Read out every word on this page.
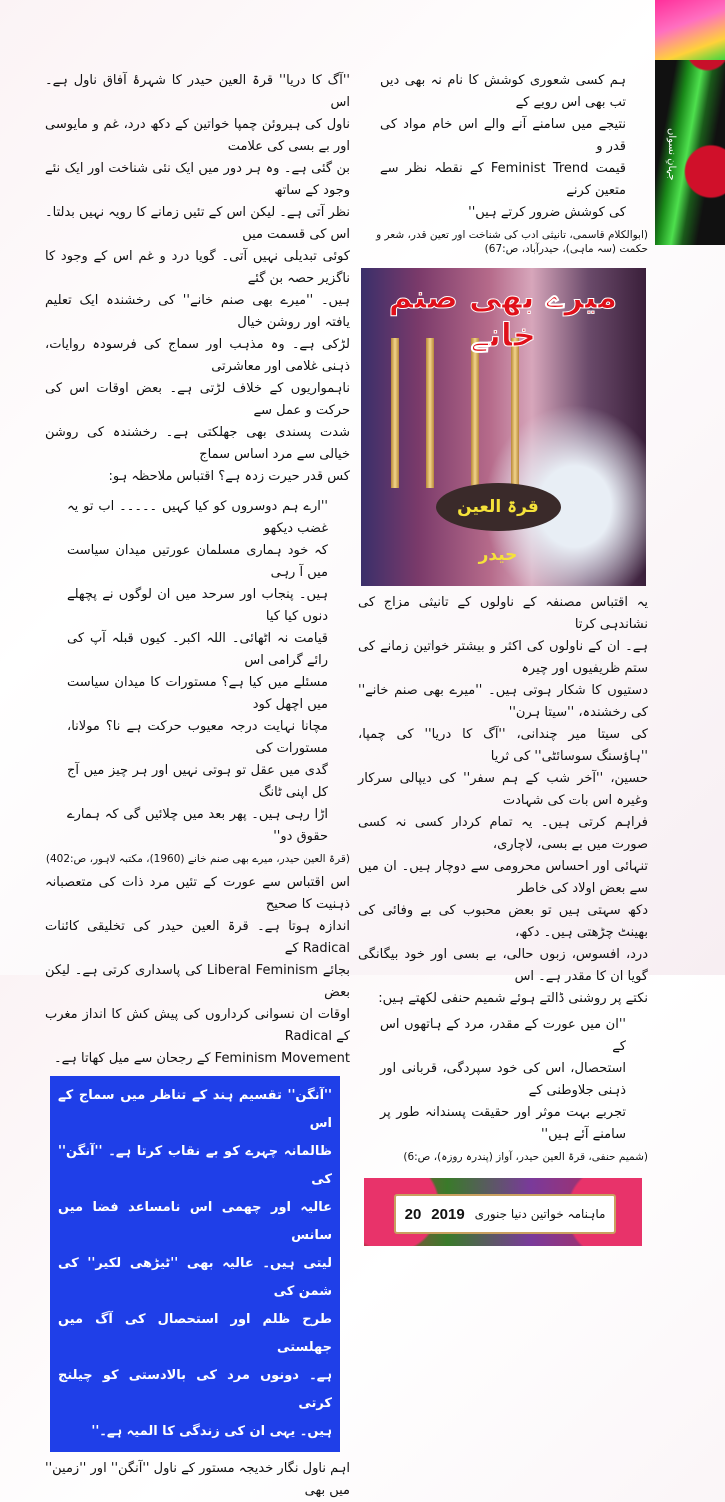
جہانِ نسواں
''آگ کا دریا'' قرۃ العین حیدر کا شہرۂ آفاق ناول ہے۔ اس
ناول کی ہیروئن چمپا خواتین کے دکھ درد، غم و مایوسی اور بے بسی کی علامت
بن گئی ہے۔ وہ ہر دور میں ایک نئی شناخت اور ایک نئے وجود کے ساتھ
نظر آتی ہے۔ لیکن اس کے تئیں زمانے کا رویہ نہیں بدلتا۔ اس کی قسمت میں
کوئی تبدیلی نہیں آتی۔ گویا درد و غم اس کے وجود کا ناگزیر حصہ بن گئے
ہیں۔ ''میرے بھی صنم خانے'' کی رخشندہ ایک تعلیم یافتہ اور روشن خیال
لڑکی ہے۔ وہ مذہب اور سماج کی فرسودہ روایات، ذہنی غلامی اور معاشرتی
ناہمواریوں کے خلاف لڑتی ہے۔ بعض اوقات اس کی حرکت و عمل سے
شدت پسندی بھی جھلکتی ہے۔ رخشندہ کی روشن خیالی سے مرد اساس سماج
کس قدر حیرت زدہ ہے؟ اقتباس ملاحظہ ہو:
''ارے ہم دوسروں کو کیا کہیں ۔۔۔۔۔ اب تو یہ غضب دیکھو
کہ خود ہماری مسلمان عورتیں میدان سیاست میں آ رہی
ہیں۔ پنجاب اور سرحد میں ان لوگوں نے پچھلے دنوں کیا کیا
قیامت نہ اٹھائی۔ اللہ اکبر۔ کیوں قبلہ آپ کی رائے گرامی اس
مسئلے میں کیا ہے؟ مستورات کا میدان سیاست میں اچھل کود
مچانا نہایت درجہ معیوب حرکت ہے نا؟ مولانا، مستورات کی
گدی میں عقل تو ہوتی نہیں اور ہر چیز میں آج کل اپنی ٹانگ
اڑا رہی ہیں۔ پھر بعد میں چلائیں گی کہ ہمارے حقوق دو''
(قرۃ العین حیدر، میرے بھی صنم خانے (1960)، مکتبہ لاہور، ص:402)
اس اقتباس سے عورت کے تئیں مرد ذات کی متعصبانہ ذہنیت کا صحیح
اندازہ ہوتا ہے۔ قرۃ العین حیدر کی تخلیقی کائنات Radical کے
بجائے Liberal Feminism کی پاسداری کرتی ہے۔ لیکن بعض
اوقات ان نسوانی کرداروں کی پیش کش کا انداز مغرب کے Radical
Feminism Movement کے رجحان سے میل کھاتا ہے۔
''آنگن'' تقسیم ہند کے تناظر میں سماج کے اس
ظالمانہ چہرے کو بے نقاب کرتا ہے۔ ''آنگن'' کی
عالیہ اور چھمی اس نامساعد فضا میں سانس
لیتی ہیں۔ عالیہ بھی ''ٹیڑھی لکیر'' کی شمن کی
طرح ظلم اور استحصال کی آگ میں جھلستی
ہے۔ دونوں مرد کی بالادستی کو چیلنج کرتی
ہیں۔ یہی ان کی زندگی کا المیہ ہے۔''
اہم ناول نگار خدیجہ مستور کے ناول ''آنگن'' اور ''زمین'' میں بھی
ہم کسی شعوری کوشش کا نام نہ بھی دیں تب بھی اس رویے کے
نتیجے میں سامنے آنے والے اس خام مواد کی قدر و
قیمت Feminist Trend کے نقطہ نظر سے متعین کرنے
کی کوشش ضرور کرتے ہیں''
(ابوالکلام قاسمی، تانیثی ادب کی شناخت اور تعین قدر، شعر و حکمت (سہ ماہی)، حیدرآباد، ص:67)
میرے بھی صنم خانے
قرۃ العین حیدر
یہ اقتباس مصنفہ کے ناولوں کے تانیثی مزاج کی نشاندہی کرتا
ہے۔ ان کے ناولوں کی اکثر و بیشتر خواتین زمانے کی ستم ظریفیوں اور چیرہ
دستیوں کا شکار ہوتی ہیں۔ ''میرے بھی صنم خانے'' کی رخشندہ، ''سیتا ہرن''
کی سیتا میر چندانی، ''آگ کا دریا'' کی چمپا، ''ہاؤسنگ سوسائٹی'' کی ثریا
حسین، ''آخر شب کے ہم سفر'' کی دیپالی سرکار وغیرہ اس بات کی شہادت
فراہم کرتی ہیں۔ یہ تمام کردار کسی نہ کسی صورت میں بے بسی، لاچاری،
تنہائی اور احساس محرومی سے دوچار ہیں۔ ان میں سے بعض اولاد کی خاطر
دکھ سہتی ہیں تو بعض محبوب کی بے وفائی کی بھینٹ چڑھتی ہیں۔ دکھ،
درد، افسوس، زبوں حالی، بے بسی اور خود بیگانگی گویا ان کا مقدر ہے۔ اس
نکتے پر روشنی ڈالتے ہوئے شمیم حنفی لکھتے ہیں:
''ان میں عورت کے مقدر، مرد کے ہاتھوں اس کے
استحصال، اس کی خود سپردگی، قربانی اور ذہنی جلاوطنی کے
تجربے بہت موثر اور حقیقت پسندانہ طور پر سامنے آئے ہیں''
(شمیم حنفی، قرۃ العین حیدر، آواز (پندرہ روزہ)، ص:6)
ماہنامہ خواتین دنیا جنوری
2019
20
